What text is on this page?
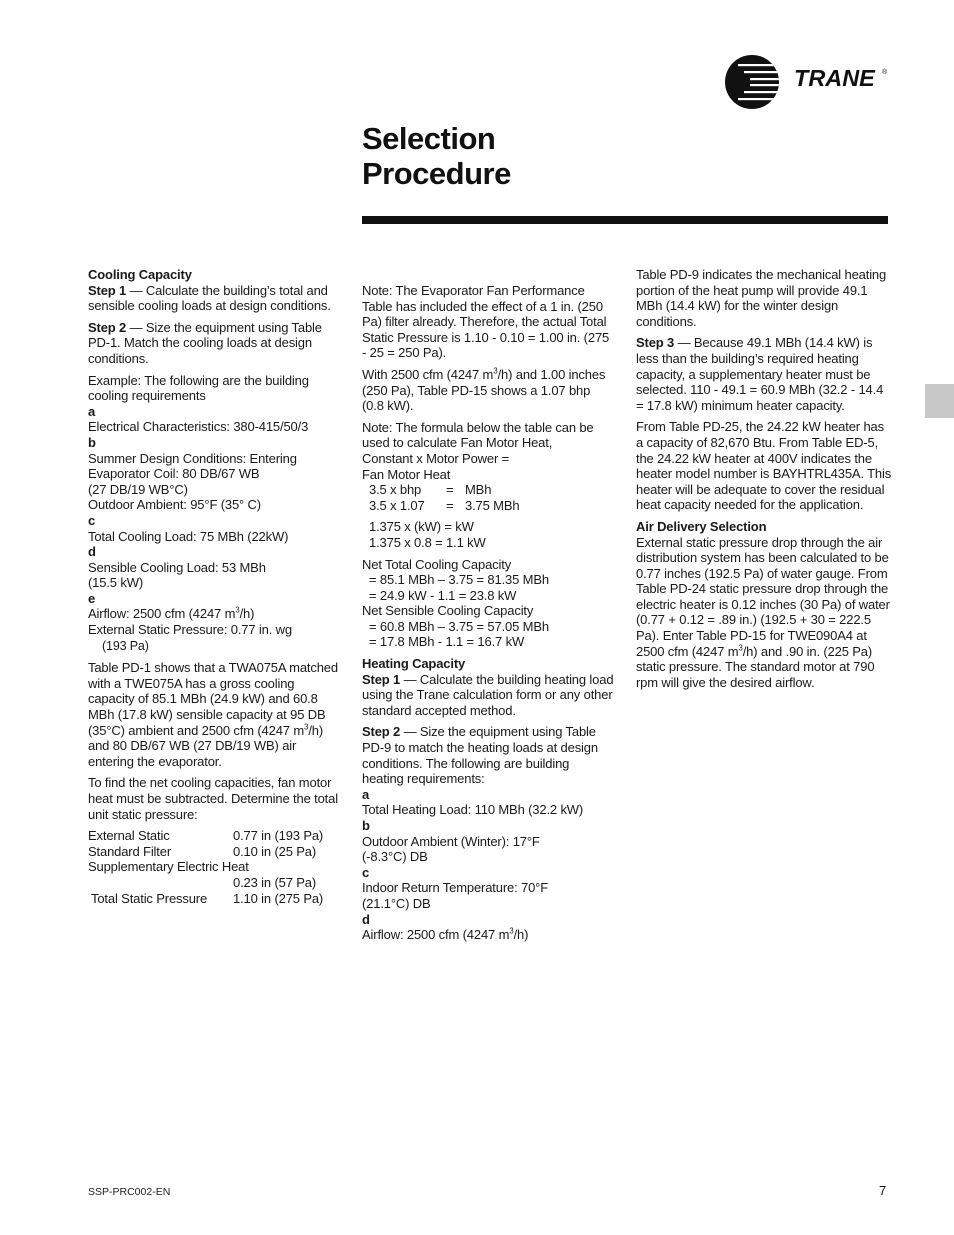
TRANE ®
Selection
Procedure

Cooling Capacity

Step 1 — Calculate the building’s total and sensible cooling loads at design conditions.

Step 2 — Size the equipment using Table PD-1. Match the cooling loads at design conditions.

Example: The following are the building cooling requirements

a
Electrical Characteristics: 380-415/50/3
b
Summer Design Conditions: Entering Evaporator Coil: 80 DB/67 WB
(27 DB/19 WB°C)
Outdoor Ambient: 95°F (35° C)
c
Total Cooling Load: 75 MBh (22kW)
d
Sensible Cooling Load: 53 MBh
(15.5 kW)
e
Airflow: 2500 cfm (4247 $m^3/h$)
External Static Pressure: 0.77 in. wg
(193 Pa)

Table PD-1 shows that a TWA075A matched with a TWE075A has a gross cooling capacity of 85.1 MBh (24.9 kW) and 60.8 MBh (17.8 kW) sensible capacity at 95 DB (35°C) ambient and 2500 cfm (4247 $m^3/h$) and 80 DB/67 WB (27 DB/19 WB) air entering the evaporator.

To find the net cooling capacities, fan motor heat must be subtracted. Determine the total unit static pressure:

External Static	0.77 in (193 Pa)
Standard Filter	0.10 in (25 Pa)
Supplementary Electric Heat
0.23 in (57 Pa)
Total Static Pressure	1.10 in (275 Pa)

Note: The Evaporator Fan Performance Table has included the effect of a 1 in. (250 Pa) filter already. Therefore, the actual Total Static Pressure is 1.10 - 0.10 = 1.00 in. (275 - 25 = 250 Pa).

With 2500 cfm (4247 $m^3/h$) and 1.00 inches (250 Pa), Table PD-15 shows a 1.07 bhp (0.8 kW).

Note: The formula below the table can be used to calculate Fan Motor Heat,
Constant x Motor Power =
Fan Motor Heat
3.5 x bhp	= MBh
3.5 x 1.07	= 3.75 MBh
1.375 x (kW) = kW
1.375 x 0.8 = 1.1 kW
Net Total Cooling Capacity
= 85.1 MBh – 3.75 = 81.35 MBh
= 24.9 kW - 1.1 = 23.8 kW
Net Sensible Cooling Capacity
= 60.8 MBh – 3.75 = 57.05 MBh
= 17.8 MBh - 1.1 = 16.7 kW

Heating Capacity

Step 1 — Calculate the building heating load using the Trane calculation form or any other standard accepted method.

Step 2 — Size the equipment using Table PD-9 to match the heating loads at design conditions. The following are building heating requirements:

a
Total Heating Load: 110 MBh (32.2 kW)
b
Outdoor Ambient (Winter): 17°F
(-8.3°C) DB
c
Indoor Return Temperature: 70°F
(21.1°C) DB
d
Airflow: 2500 cfm (4247 $m^3/h$)

Table PD-9 indicates the mechanical heating portion of the heat pump will provide 49.1 MBh (14.4 kW) for the winter design conditions.

Step 3 — Because 49.1 MBh (14.4 kW) is less than the building’s required heating capacity, a supplementary heater must be selected. 110 - 49.1 = 60.9 MBh (32.2 - 14.4 = 17.8 kW) minimum heater capacity.

From Table PD-25, the 24.22 kW heater has a capacity of 82,670 Btu. From Table ED-5, the 24.22 kW heater at 400V indicates the heater model number is BAYHTRL435A. This heater will be adequate to cover the residual heat capacity needed for the application.

Air Delivery Selection

External static pressure drop through the air distribution system has been calculated to be 0.77 inches (192.5 Pa) of water gauge. From Table PD-24 static pressure drop through the electric heater is 0.12 inches (30 Pa) of water (0.77 + 0.12 = .89 in.) (192.5 + 30 = 222.5 Pa). Enter Table PD-15 for TWE090A4 at 2500 cfm (4247 $m^3/h$) and .90 in. (225 Pa) static pressure. The standard motor at 790 rpm will give the desired airflow.

SSP-PRC002-EN	7
